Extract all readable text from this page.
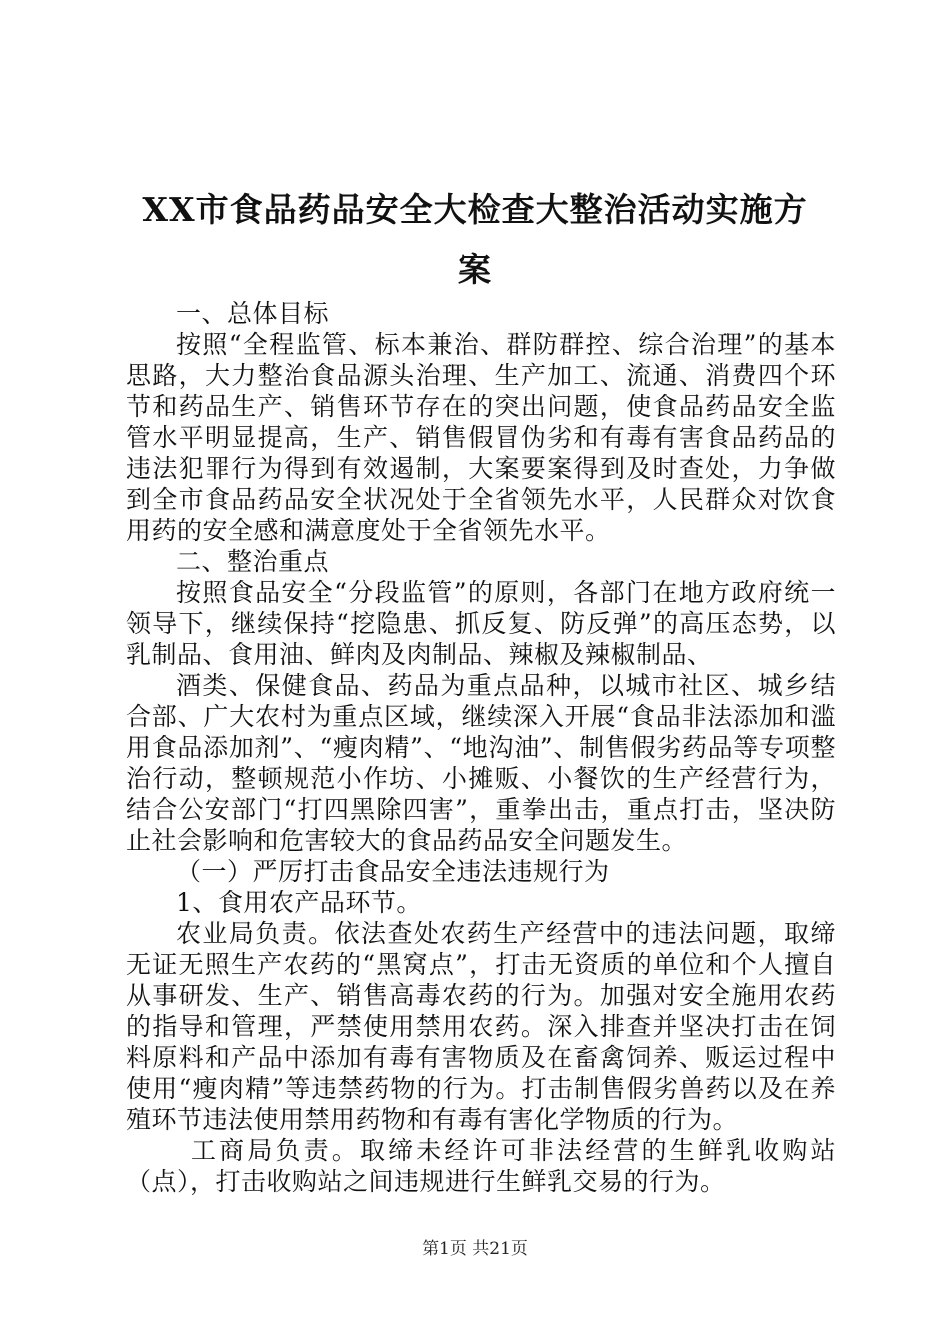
XX市食品药品安全大检查大整治活动实施方
案

一、总体目标

按照“全程监管、标本兼治、群防群控、综合治理”的基本思路，大力整治食品源头治理、生产加工、流通、消费四个环节和药品生产、销售环节存在的突出问题，使食品药品安全监管水平明显提高，生产、销售假冒伪劣和有毒有害食品药品的违法犯罪行为得到有效遏制，大案要案得到及时查处，力争做到全市食品药品安全状况处于全省领先水平，人民群众对饮食用药的安全感和满意度处于全省领先水平。

二、整治重点

按照食品安全“分段监管”的原则，各部门在地方政府统一领导下，继续保持“挖隐患、抓反复、防反弹”的高压态势，以乳制品、食用油、鲜肉及肉制品、辣椒及辣椒制品、

酒类、保健食品、药品为重点品种，以城市社区、城乡结合部、广大农村为重点区域，继续深入开展“食品非法添加和滥用食品添加剂”、“瘦肉精”、“地沟油”、制售假劣药品等专项整治行动，整顿规范小作坊、小摊贩、小餐饮的生产经营行为，结合公安部门“打四黑除四害”，重拳出击，重点打击，坚决防止社会影响和危害较大的食品药品安全问题发生。

（一）严厉打击食品安全违法违规行为

1、食用农产品环节。

农业局负责。依法查处农药生产经营中的违法问题，取缔无证无照生产农药的“黑窝点”，打击无资质的单位和个人擅自从事研发、生产、销售高毒农药的行为。加强对安全施用农药的指导和管理，严禁使用禁用农药。深入排查并坚决打击在饲料原料和产品中添加有毒有害物质及在畜禽饲养、贩运过程中使用“瘦肉精”等违禁药物的行为。打击制售假劣兽药以及在养殖环节违法使用禁用药物和有毒有害化学物质的行为。

工商局负责。取缔未经许可非法经营的生鲜乳收购站（点），打击收购站之间违规进行生鲜乳交易的行为。

第1页 共21页
